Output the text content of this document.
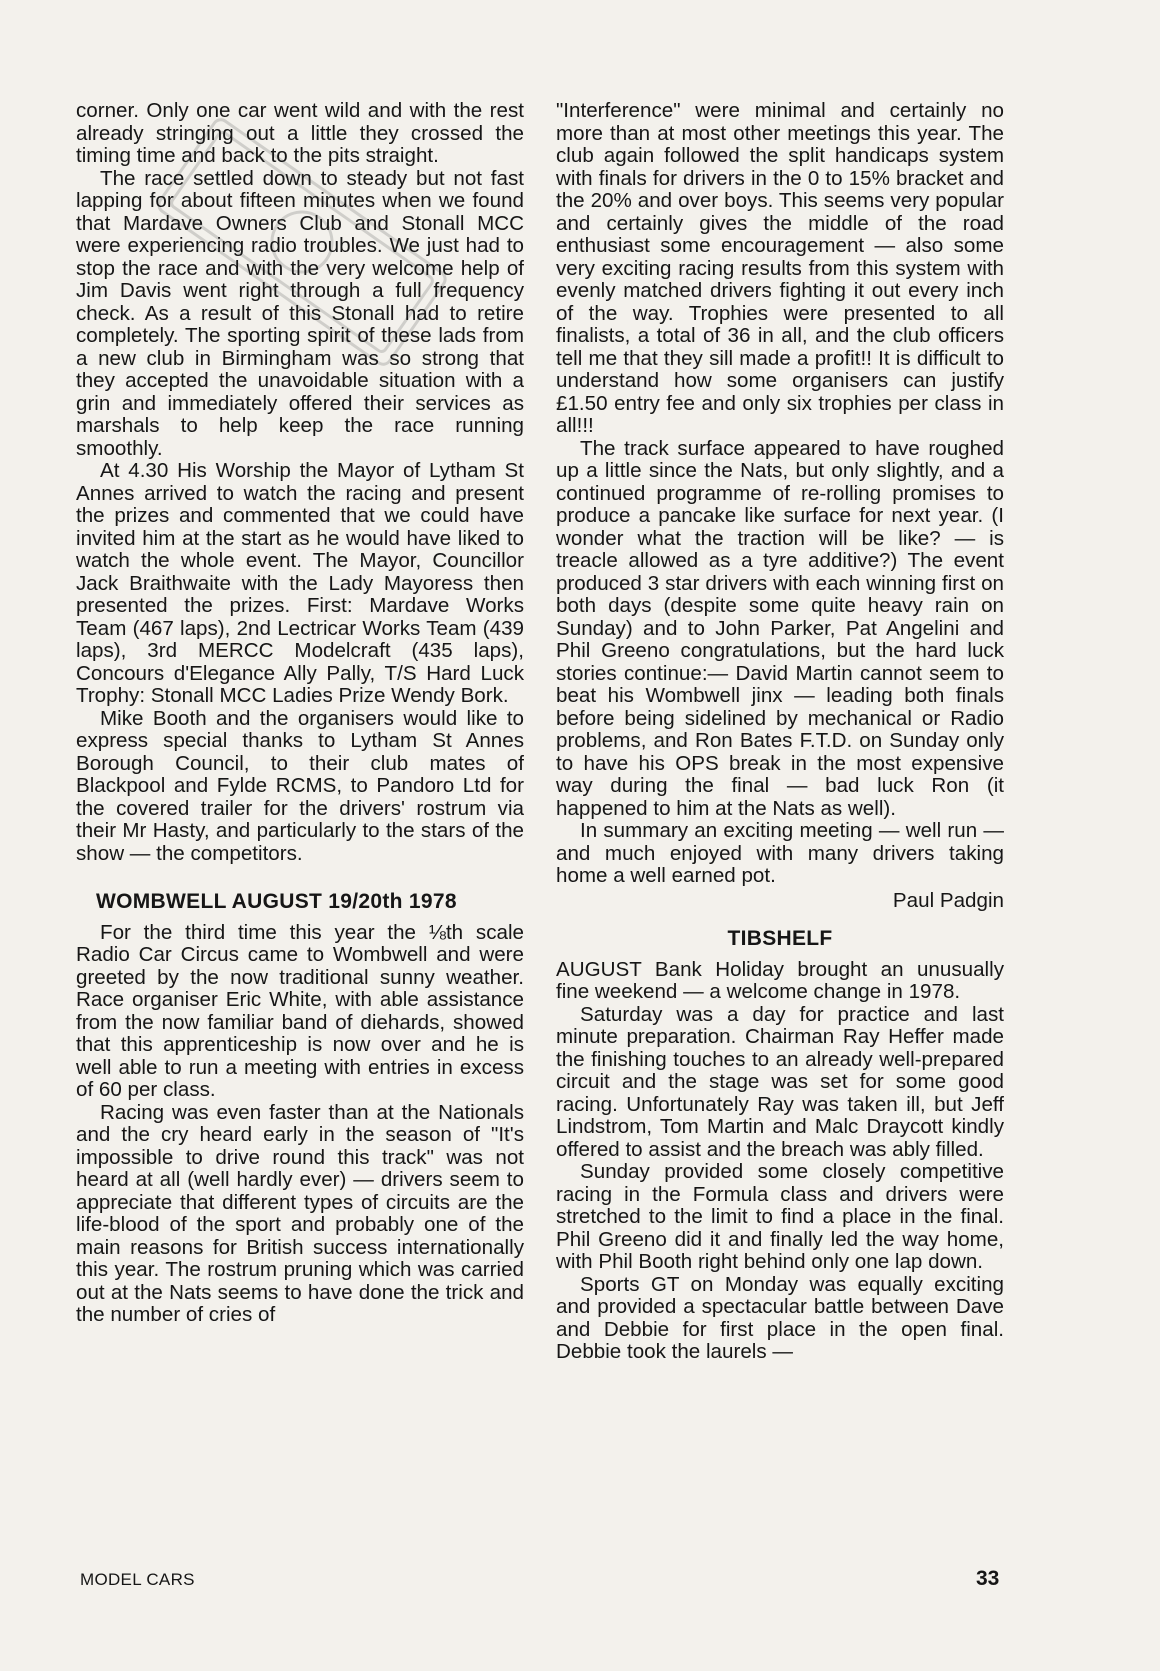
corner. Only one car went wild and with the rest already stringing out a little they crossed the timing time and back to the pits straight.

The race settled down to steady but not fast lapping for about fifteen minutes when we found that Mardave Owners Club and Stonall MCC were experiencing radio troubles. We just had to stop the race and with the very welcome help of Jim Davis went right through a full frequency check. As a result of this Stonall had to retire completely. The sporting spirit of these lads from a new club in Birmingham was so strong that they accepted the unavoidable situation with a grin and immediately offered their services as marshals to help keep the race running smoothly.

At 4.30 His Worship the Mayor of Lytham St Annes arrived to watch the racing and present the prizes and commented that we could have invited him at the start as he would have liked to watch the whole event. The Mayor, Councillor Jack Braithwaite with the Lady Mayoress then presented the prizes. First: Mardave Works Team (467 laps), 2nd Lectricar Works Team (439 laps), 3rd MERCC Modelcraft (435 laps), Concours d'Elegance Ally Pally, T/S Hard Luck Trophy: Stonall MCC Ladies Prize Wendy Bork.

Mike Booth and the organisers would like to express special thanks to Lytham St Annes Borough Council, to their club mates of Blackpool and Fylde RCMS, to Pandoro Ltd for the covered trailer for the drivers' rostrum via their Mr Hasty, and particularly to the stars of the show — the competitors.

WOMBWELL AUGUST 19/20th 1978

For the third time this year the ⅛th scale Radio Car Circus came to Wombwell and were greeted by the now traditional sunny weather. Race organiser Eric White, with able assistance from the now familiar band of diehards, showed that this apprenticeship is now over and he is well able to run a meeting with entries in excess of 60 per class.

Racing was even faster than at the Nationals and the cry heard early in the season of "It's impossible to drive round this track" was not heard at all (well hardly ever) — drivers seem to appreciate that different types of circuits are the life-blood of the sport and probably one of the main reasons for British success internationally this year. The rostrum pruning which was carried out at the Nats seems to have done the trick and the number of cries of

"Interference" were minimal and certainly no more than at most other meetings this year. The club again followed the split handicaps system with finals for drivers in the 0 to 15% bracket and the 20% and over boys. This seems very popular and certainly gives the middle of the road enthusiast some encouragement — also some very exciting racing results from this system with evenly matched drivers fighting it out every inch of the way. Trophies were presented to all finalists, a total of 36 in all, and the club officers tell me that they sill made a profit!! It is difficult to understand how some organisers can justify £1.50 entry fee and only six trophies per class in all!!!

The track surface appeared to have roughed up a little since the Nats, but only slightly, and a continued programme of re-rolling promises to produce a pancake like surface for next year. (I wonder what the traction will be like? — is treacle allowed as a tyre additive?) The event produced 3 star drivers with each winning first on both days (despite some quite heavy rain on Sunday) and to John Parker, Pat Angelini and Phil Greeno congratulations, but the hard luck stories continue:— David Martin cannot seem to beat his Wombwell jinx — leading both finals before being sidelined by mechanical or Radio problems, and Ron Bates F.T.D. on Sunday only to have his OPS break in the most expensive way during the final — bad luck Ron (it happened to him at the Nats as well).

In summary an exciting meeting — well run — and much enjoyed with many drivers taking home a well earned pot.

Paul Padgin

TIBSHELF

AUGUST Bank Holiday brought an unusually fine weekend — a welcome change in 1978.

Saturday was a day for practice and last minute preparation. Chairman Ray Heffer made the finishing touches to an already well-prepared circuit and the stage was set for some good racing. Unfortunately Ray was taken ill, but Jeff Lindstrom, Tom Martin and Malc Draycott kindly offered to assist and the breach was ably filled.

Sunday provided some closely competitive racing in the Formula class and drivers were stretched to the limit to find a place in the final. Phil Greeno did it and finally led the way home, with Phil Booth right behind only one lap down.

Sports GT on Monday was equally exciting and provided a spectacular battle between Dave and Debbie for first place in the open final. Debbie took the laurels —

MODEL CARS	33
